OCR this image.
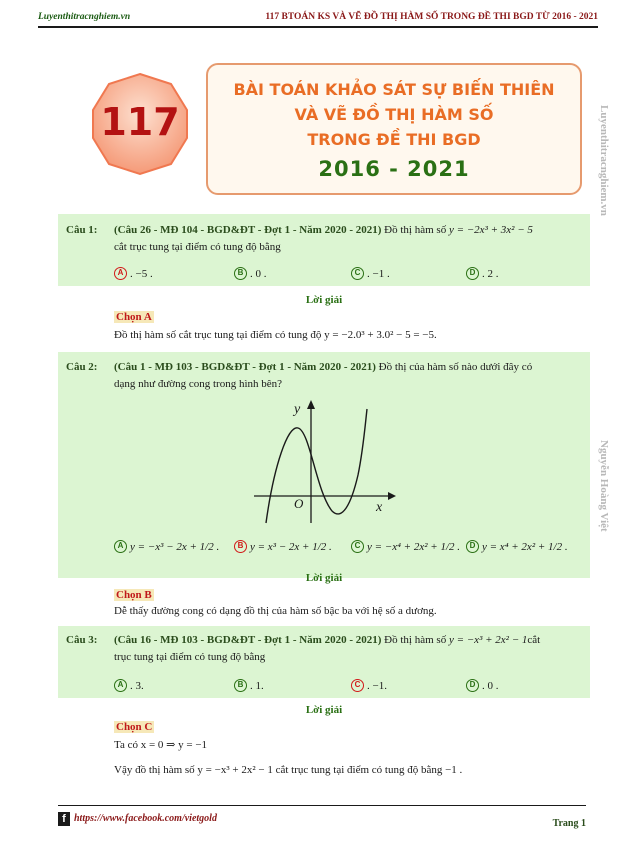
Luyenthitracnghiem.vn	117 BTOÁN KS VÀ VẼ ĐỒ THỊ HÀM SỐ TRONG ĐỀ THI BGD TỪ 2016 - 2021
117
BÀI TOÁN KHẢO SÁT SỰ BIẾN THIÊN
VÀ VẼ ĐỒ THỊ HÀM SỐ
TRONG ĐỀ THI BGD
2016 - 2021	Luyenthitracnghiem.vn
Nguyễn Hoàng Việt
Câu 1: (Câu 26 - MĐ 104 - BGD&ĐT - Đợt 1 - Năm 2020 - 2021) Đồ thị hàm số y = −2x³ + 3x² − 5
cắt trục tung tại điểm có tung độ bằng
A . −5 .	B . 0 .	C . −1 .	D . 2 .
Lời giải
Chọn A
Đồ thị hàm số cắt trục tung tại điểm có tung độ y = −2.0³ + 3.0² − 5 = −5.
Câu 2: (Câu 1 - MĐ 103 - BGD&ĐT - Đợt 1 - Năm 2020 - 2021) Đồ thị của hàm số nào dưới đây có
dạng như đường cong trong hình bên?
y
x
O
A y = −x³ − 2x + 1/2 .	B y = x³ − 2x + 1/2 .	C y = −x⁴ + 2x² + 1/2 .	D y = x⁴ + 2x² + 1/2 .
Lời giải
Chọn B
Dễ thấy đường cong có dạng đồ thị của hàm số bậc ba với hệ số a dương.
Câu 3: (Câu 16 - MĐ 103 - BGD&ĐT - Đợt 1 - Năm 2020 - 2021) Đồ thị hàm số y = −x³ + 2x² − 1cắt
trục tung tại điểm có tung độ bằng
A . 3.	B . 1.	C . −1.	D . 0 .
Lời giải
Chọn C
Ta có x = 0 ⇒ y = −1
Vậy đồ thị hàm số y = −x³ + 2x² − 1 cắt trục tung tại điểm có tung độ bằng −1 .
f https://www.facebook.com/vietgold	Trang 1
